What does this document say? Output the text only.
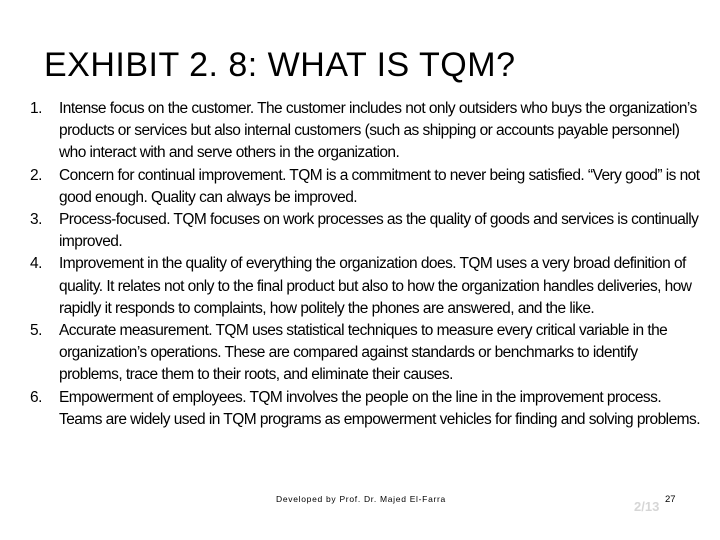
EXHIBIT 2. 8: WHAT IS TQM?
1.	Intense focus on the customer. The customer includes not only outsiders who buys the organization’s products or services but also internal customers (such as shipping or accounts payable personnel) who interact with and serve others in the organization.
2.	Concern for continual improvement. TQM is a commitment to never being satisfied. “Very good” is not good enough. Quality can always be improved.
3.	Process-focused. TQM focuses on work processes as the quality of goods and services is continually improved.
4.	Improvement in the quality of everything the organization does. TQM uses a very broad definition of quality. It relates not only to the final product but also to how the organization handles deliveries, how rapidly it responds to complaints, how politely the phones are answered, and the like.
5.	Accurate measurement. TQM uses statistical techniques to measure every critical variable in the organization’s operations. These are compared against standards or benchmarks to identify problems, trace them to their roots, and eliminate their causes.
6.	Empowerment of employees. TQM involves the people on the line in the improvement process. Teams are widely used in TQM programs as empowerment vehicles for finding and solving problems.
Developed by Prof. Dr. Majed El-Farra	2/13 27
